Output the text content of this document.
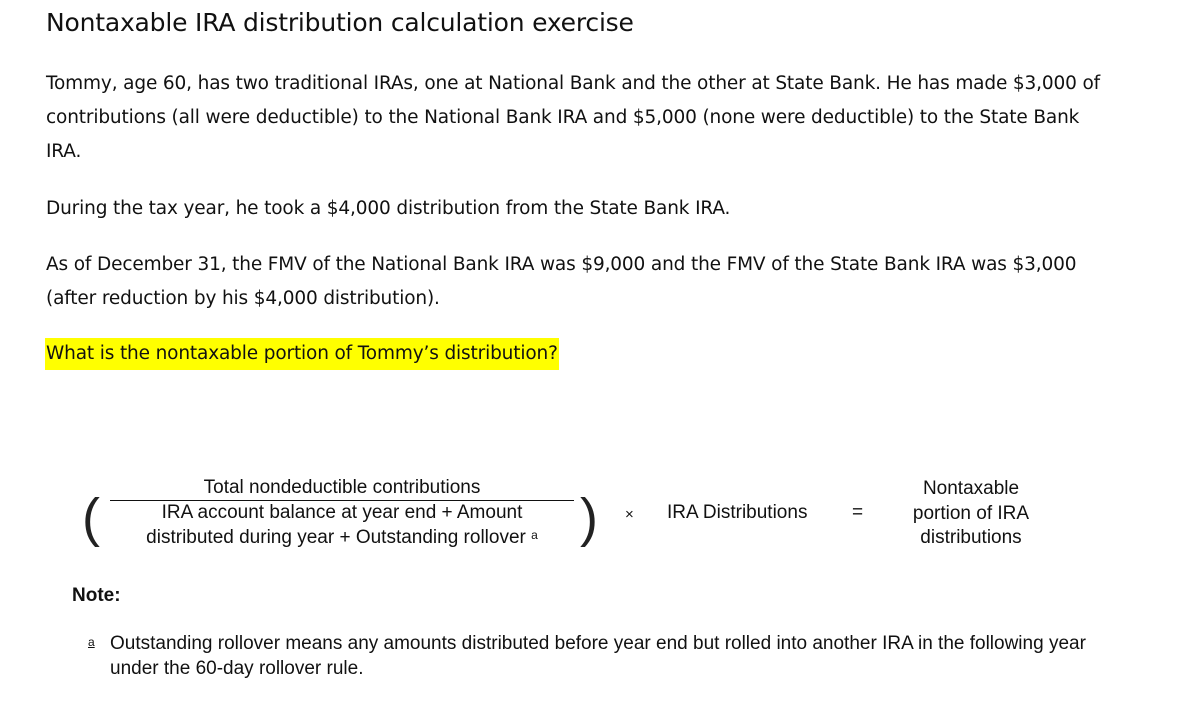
Nontaxable IRA distribution calculation exercise
Tommy, age 60, has two traditional IRAs, one at National Bank and the other at State Bank. He has made $3,000 of contributions (all were deductible) to the National Bank IRA and $5,000 (none were deductible) to the State Bank IRA.
During the tax year, he took a $4,000 distribution from the State Bank IRA.
As of December 31, the FMV of the National Bank IRA was $9,000 and the FMV of the State Bank IRA was $3,000 (after reduction by his $4,000 distribution).
What is the nontaxable portion of Tommy’s distribution?
(
Total nondeductible contributions
IRA account balance at year end + Amount
distributed during year + Outstanding rollover $^a$ ) × IRA Distributions =
Nontaxable
portion of IRA
distributions
Note:
a Outstanding rollover means any amounts distributed before year end but rolled into another IRA in the following year under the 60-day rollover rule.
